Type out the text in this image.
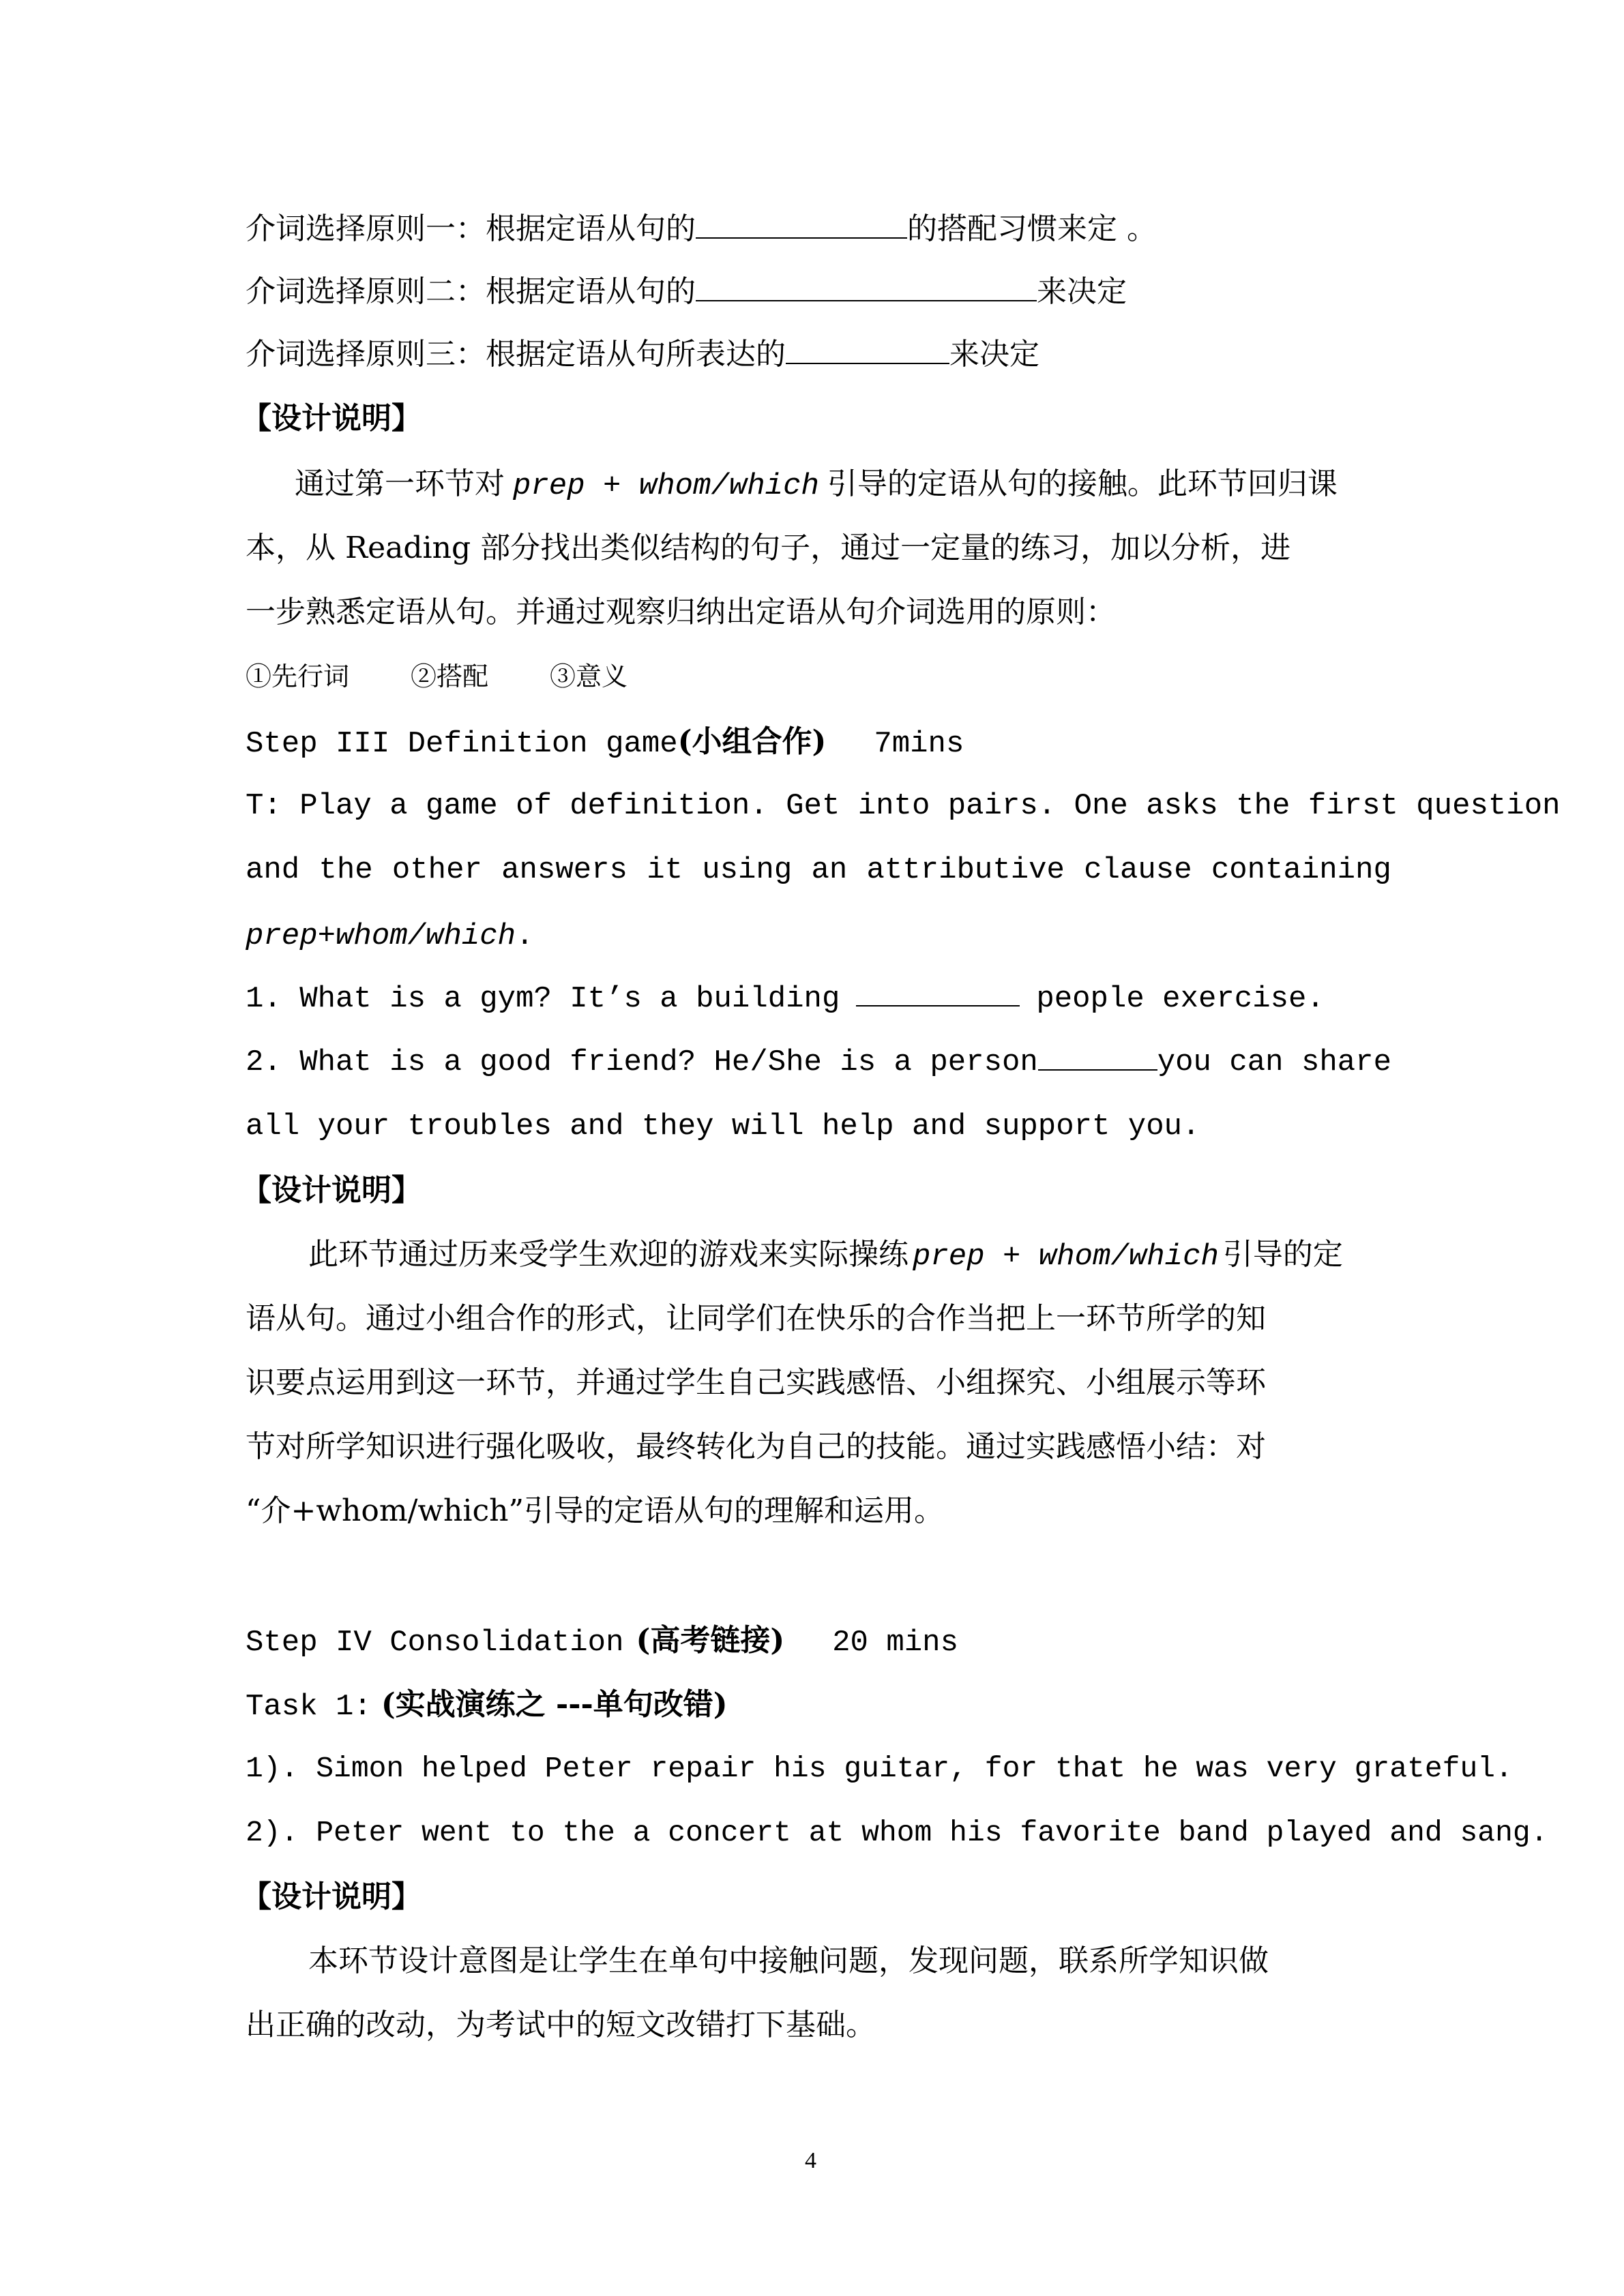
介词选择原则一：根据定语从句的	的搭配习惯来定 。
介词选择原则二：根据定语从句的	来决定
介词选择原则三：根据定语从句所表达的	来决定
【设计说明】
通过第一环节对 prep + whom/which 引导的定语从句的接触。此环节回归课
本，从 Reading 部分找出类似结构的句子，通过一定量的练习，加以分析，进
一步熟悉定语从句。并通过观察归纳出定语从句介词选用的原则：
①先行词 ②搭配 ③意义
Step III Definition game(小组合作) 7mins
T: Play a game of definition. Get into pairs. One asks the first question
and the other answers it using an attributive clause containing
prep+whom/which.
1. What is a gym? It’s a building	people exercise.
2. What is a good friend? He/She is a person	you can share
all your troubles and they will help and support you.
【设计说明】
此环节通过历来受学生欢迎的游戏来实际操练 prep + whom/which 引导的定
语从句。通过小组合作的形式，让同学们在快乐的合作当把上一环节所学的知
识要点运用到这一环节，并通过学生自己实践感悟、小组探究、小组展示等环
节对所学知识进行强化吸收，最终转化为自己的技能。通过实践感悟小结：对
“介+whom/which”引导的定语从句的理解和运用。
Step IV Consolidation (高考链接) 20 mins
Task 1: (实战演练之 ---单句改错)
1). Simon helped Peter repair his guitar, for that he was very grateful.
2). Peter went to the a concert at whom his favorite band played and sang.
【设计说明】
本环节设计意图是让学生在单句中接触问题，发现问题，联系所学知识做
出正确的改动，为考试中的短文改错打下基础。
4
